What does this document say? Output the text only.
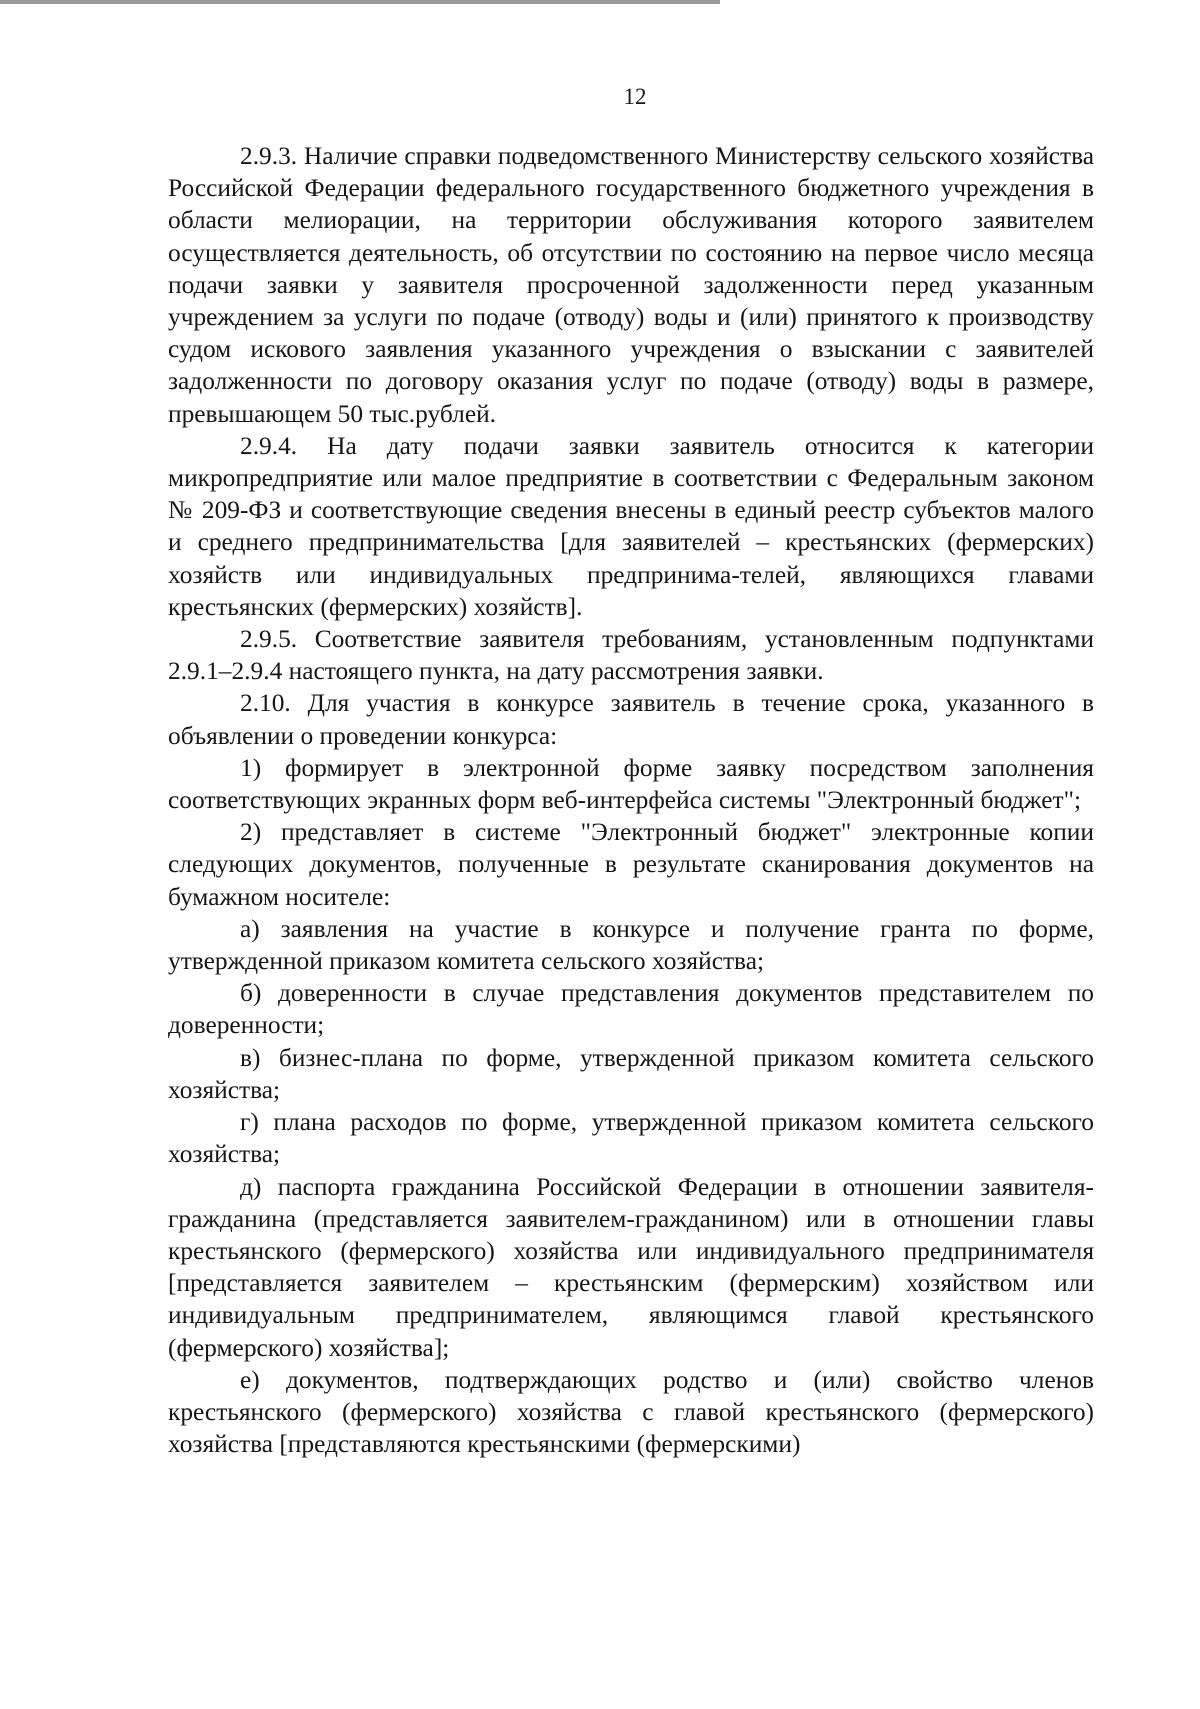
12

2.9.3. Наличие справки подведомственного Министерству сельского хозяйства Российской Федерации федерального государственного бюджетного учреждения в области мелиорации, на территории обслуживания которого заявителем осуществляется деятельность, об отсутствии по состоянию на первое число месяца подачи заявки у заявителя просроченной задолженности перед указанным учреждением за услуги по подаче (отводу) воды и (или) принятого к производству судом искового заявления указанного учреждения о взыскании с заявителей задолженности по договору оказания услуг по подаче (отводу) воды в размере, превышающем 50 тыс.рублей.

2.9.4. На дату подачи заявки заявитель относится к категории микропредприятие или малое предприятие в соответствии с Федеральным законом № 209-ФЗ и соответствующие сведения внесены в единый реестр субъектов малого и среднего предпринимательства [для заявителей – крестьянских (фермерских) хозяйств или индивидуальных предпринима-телей, являющихся главами крестьянских (фермерских) хозяйств].

2.9.5. Соответствие заявителя требованиям, установленным подпунктами 2.9.1–2.9.4 настоящего пункта, на дату рассмотрения заявки.

2.10. Для участия в конкурсе заявитель в течение срока, указанного в объявлении о проведении конкурса:

1) формирует в электронной форме заявку посредством заполнения соответствующих экранных форм веб-интерфейса системы "Электронный бюджет";

2) представляет в системе "Электронный бюджет" электронные копии следующих документов, полученные в результате сканирования документов на бумажном носителе:

а) заявления на участие в конкурсе и получение гранта по форме, утвержденной приказом комитета сельского хозяйства;

б) доверенности в случае представления документов представителем по доверенности;

в) бизнес-плана по форме, утвержденной приказом комитета сельского хозяйства;

г) плана расходов по форме, утвержденной приказом комитета сельского хозяйства;

д) паспорта гражданина Российской Федерации в отношении заявителя-гражданина (представляется заявителем-гражданином) или в отношении главы крестьянского (фермерского) хозяйства или индивидуального предпринимателя [представляется заявителем – крестьянским (фермерским) хозяйством или индивидуальным предпринимателем, являющимся главой крестьянского (фермерского) хозяйства];

е) документов, подтверждающих родство и (или) свойство членов крестьянского (фермерского) хозяйства с главой крестьянского (фермерского) хозяйства [представляются крестьянскими (фермерскими)
